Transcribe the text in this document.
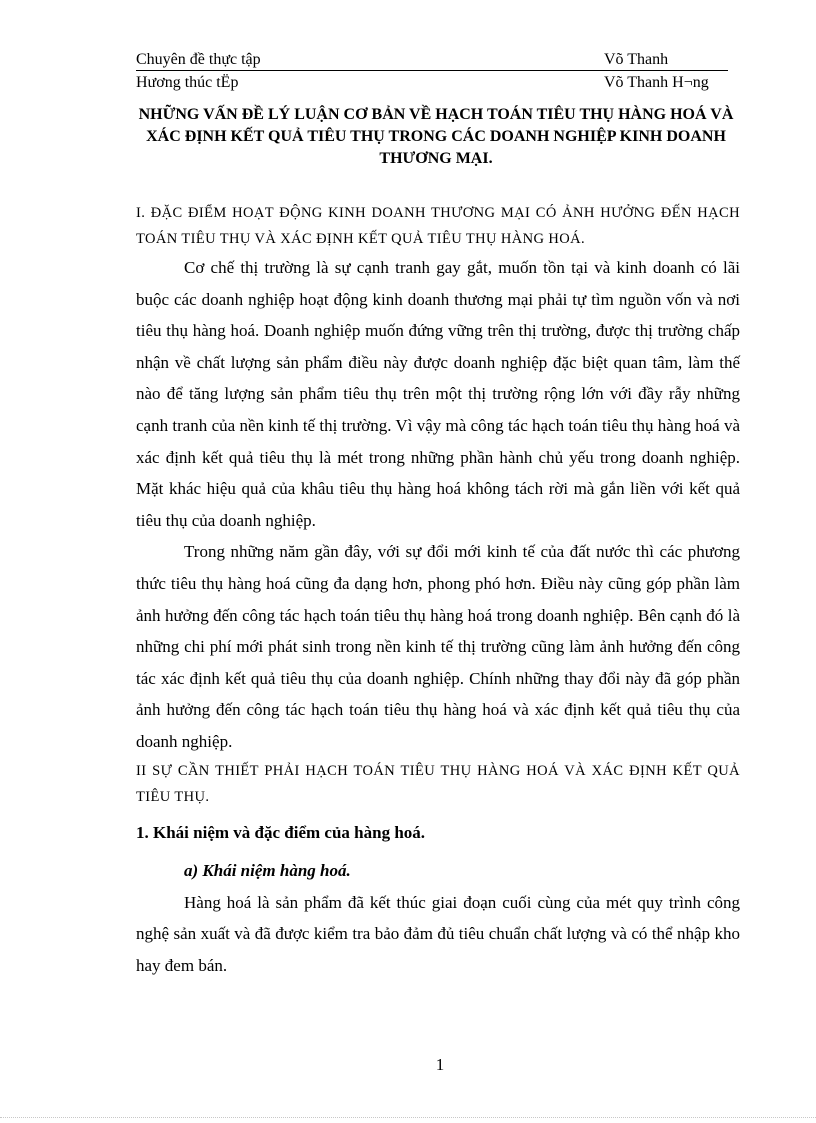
Chuyên đề thực tập	Võ Thanh
Hương thúc tËp	Võ Thanh H¬ng
NHỮNG VẤN ĐỀ LÝ LUẬN CƠ BẢN VỀ HẠCH TOÁN TIÊU THỤ HÀNG HOÁ VÀ XÁC ĐỊNH KẾT QUẢ TIÊU THỤ TRONG CÁC DOANH NGHIỆP KINH DOANH THƯƠNG MẠI.
I. ĐẶC ĐIỂM HOẠT ĐỘNG KINH DOANH THƯƠNG MẠI CÓ ẢNH HƯỞNG ĐẾN HẠCH TOÁN TIÊU THỤ VÀ XÁC ĐỊNH KẾT QUẢ TIÊU THỤ HÀNG HOÁ.
Cơ chế thị trường là sự cạnh tranh gay gắt, muốn tồn tại và kinh doanh có lãi buộc các doanh nghiệp hoạt động kinh doanh thương mại phải tự tìm nguồn vốn và nơi tiêu thụ hàng hoá. Doanh nghiệp muốn đứng vững trên thị trường, được thị trường chấp nhận về chất lượng sản phẩm điều này được doanh nghiệp đặc biệt quan tâm, làm thế nào để tăng lượng sản phẩm tiêu thụ trên một thị trường rộng lớn với đầy rẫy những cạnh tranh của nền kinh tế thị trường. Vì vậy mà công tác hạch toán tiêu thụ hàng hoá và xác định kết quả tiêu thụ là mét trong những phần hành chủ yếu trong doanh nghiệp. Mặt khác hiệu quả của khâu tiêu thụ hàng hoá không tách rời mà gắn liền với kết quả tiêu thụ của doanh nghiệp.
Trong những năm gần đây, với sự đổi mới kinh tế của đất nước thì các phương thức tiêu thụ hàng hoá cũng đa dạng hơn, phong phó hơn. Điều này cũng góp phần làm ảnh hưởng đến công tác hạch toán tiêu thụ hàng hoá trong doanh nghiệp. Bên cạnh đó là những chi phí mới phát sinh trong nền kinh tế thị trường cũng làm ảnh hưởng đến công tác xác định kết quả tiêu thụ của doanh nghiệp. Chính những thay đổi này đã góp phần ảnh hưởng đến công tác hạch toán tiêu thụ hàng hoá và xác định kết quả tiêu thụ của doanh nghiệp.
II SỰ CẦN THIẾT PHẢI HẠCH TOÁN TIÊU THỤ HÀNG HOÁ VÀ XÁC ĐỊNH KẾT QUẢ TIÊU THỤ.
1. Khái niệm và đặc điểm của hàng hoá.
a) Khái niệm hàng hoá.
Hàng hoá là sản phẩm đã kết thúc giai đoạn cuối cùng của mét quy trình công nghệ sản xuất và đã được kiểm tra bảo đảm đủ tiêu chuẩn chất lượng và có thể nhập kho hay đem bán.
1
